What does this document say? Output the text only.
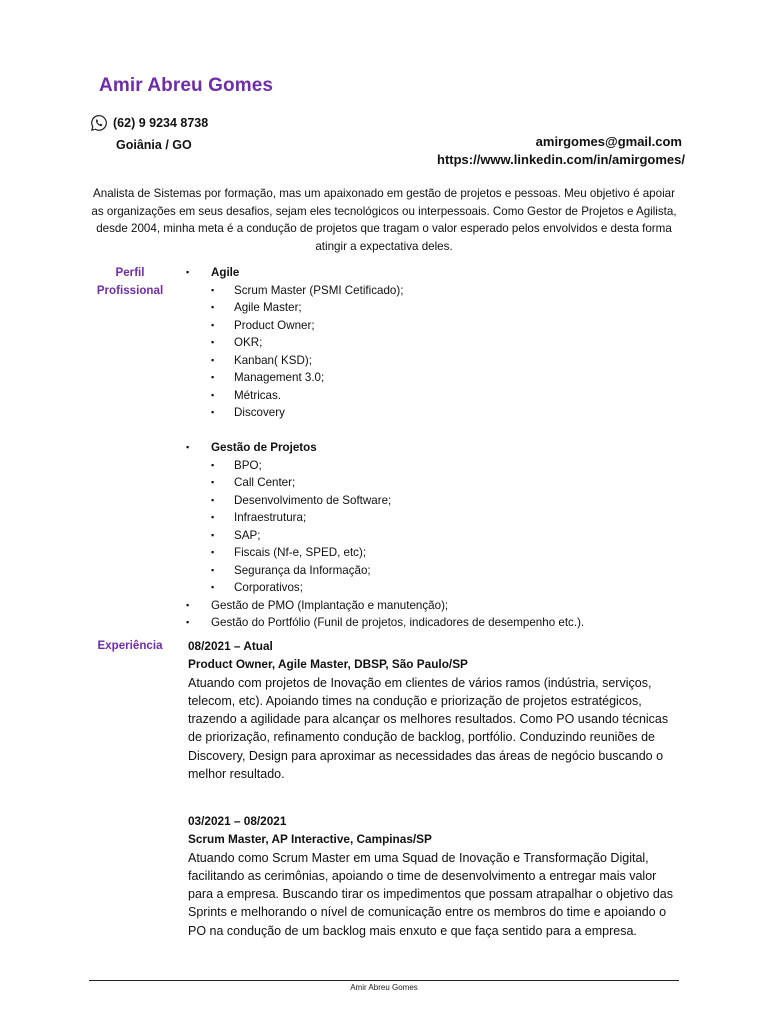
Amir Abreu Gomes
(62) 9 9234 8738
Goiânia / GO	amirgomes@gmail.com
https://www.linkedin.com/in/amirgomes/
Analista de Sistemas por formação, mas um apaixonado em gestão de projetos e pessoas. Meu objetivo é apoiar as organizações em seus desafios, sejam eles tecnológicos ou interpessoais. Como Gestor de Projetos e Agilista, desde 2004, minha meta é a condução de projetos que tragam o valor esperado pelos envolvidos e desta forma atingir a expectativa deles.
Perfil Profissional
▪ Agile
▪ Scrum Master (PSMI Cetificado);
▪ Agile Master;
▪ Product Owner;
▪ OKR;
▪ Kanban( KSD);
▪ Management 3.0;
▪ Métricas.
▪ Discovery
▪ Gestão de Projetos
▪ BPO;
▪ Call Center;
▪ Desenvolvimento de Software;
▪ Infraestrutura;
▪ SAP;
▪ Fiscais (Nf-e, SPED, etc);
▪ Segurança da Informação;
▪ Corporativos;
▪ Gestão de PMO (Implantação e manutenção);
▪ Gestão do Portfólio (Funil de projetos, indicadores de desempenho etc.).
Experiência	08/2021 – Atual
Product Owner, Agile Master, DBSP, São Paulo/SP
Atuando com projetos de Inovação em clientes de vários ramos (indústria, serviços, telecom, etc). Apoiando times na condução e priorização de projetos estratégicos, trazendo a agilidade para alcançar os melhores resultados. Como PO usando técnicas de priorização, refinamento condução de backlog, portfólio. Conduzindo reuniões de Discovery, Design para aproximar as necessidades das áreas de negócio buscando o melhor resultado.
03/2021 – 08/2021
Scrum Master, AP Interactive, Campinas/SP
Atuando como Scrum Master em uma Squad de Inovação e Transformação Digital, facilitando as cerimônias, apoiando o time de desenvolvimento a entregar mais valor para a empresa. Buscando tirar os impedimentos que possam atrapalhar o objetivo das Sprints e melhorando o nível de comunicação entre os membros do time e apoiando o PO na condução de um backlog mais enxuto e que faça sentido para a empresa.
Amir Abreu Gomes
